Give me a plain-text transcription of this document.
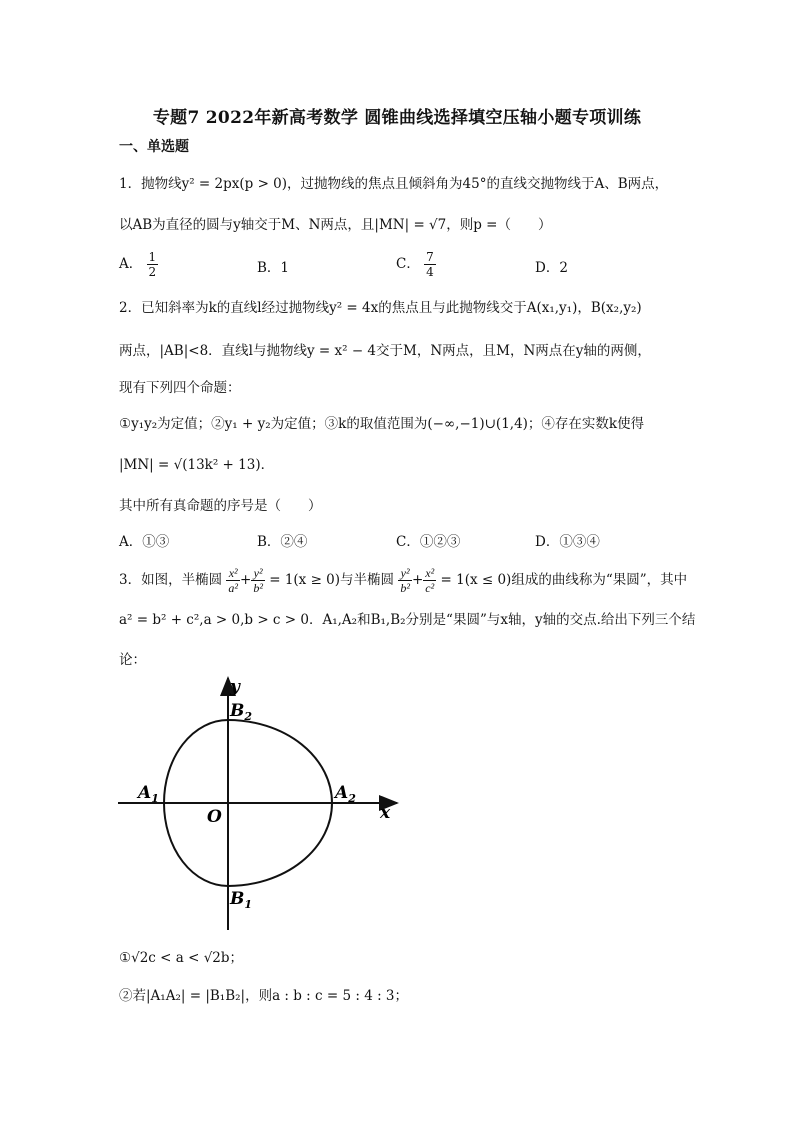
专题7 2022年新高考数学 圆锥曲线选择填空压轴小题专项训练
一、单选题
1．抛物线y² = 2px(p > 0)，过抛物线的焦点且倾斜角为45°的直线交抛物线于A、B两点，
以AB为直径的圆与y轴交于M、N两点，且|MN| = √7，则p =（　　）
A． $\frac{1}{2}$	B．1	C． $\frac{7}{4}$	D．2
2．已知斜率为k的直线l经过抛物线y² = 4x的焦点且与此抛物线交于A(x₁,y₁)，B(x₂,y₂)
两点，|AB|<8．直线l与抛物线y = x² − 4交于M，N两点，且M，N两点在y轴的两侧，
现有下列四个命题：
①y₁y₂为定值；②y₁ + y₂为定值；③k的取值范围为(−∞,−1)∪(1,4)；④存在实数k使得
|MN| = √(13k² + 13)．
其中所有真命题的序号是（　　）
A．①③	B．②④	C．①②③	D．①③④
3．如图，半椭圆 $\frac{\text{x²}}{\text{a²}} + \frac{\text{y²}}{\text{b²}} = 1(x \ge 0)$与半椭圆 $\frac{\text{y²}}{\text{b²}} + \frac{\text{x²}}{\text{c²}} = 1(x \le 0)$组成的曲线称为“果圆”，其中
a² = b² + c²,a > 0,b > c > 0．A₁,A₂和B₁,B₂分别是“果圆”与x轴，y轴的交点.给出下列三个结
论：
y
x
O
$A_1$	$A_2$
$B_2$
$B_1$
①√2c < a < √2b；
②若|A₁A₂| = |B₁B₂|，则a : b : c = 5 : 4 : 3；
